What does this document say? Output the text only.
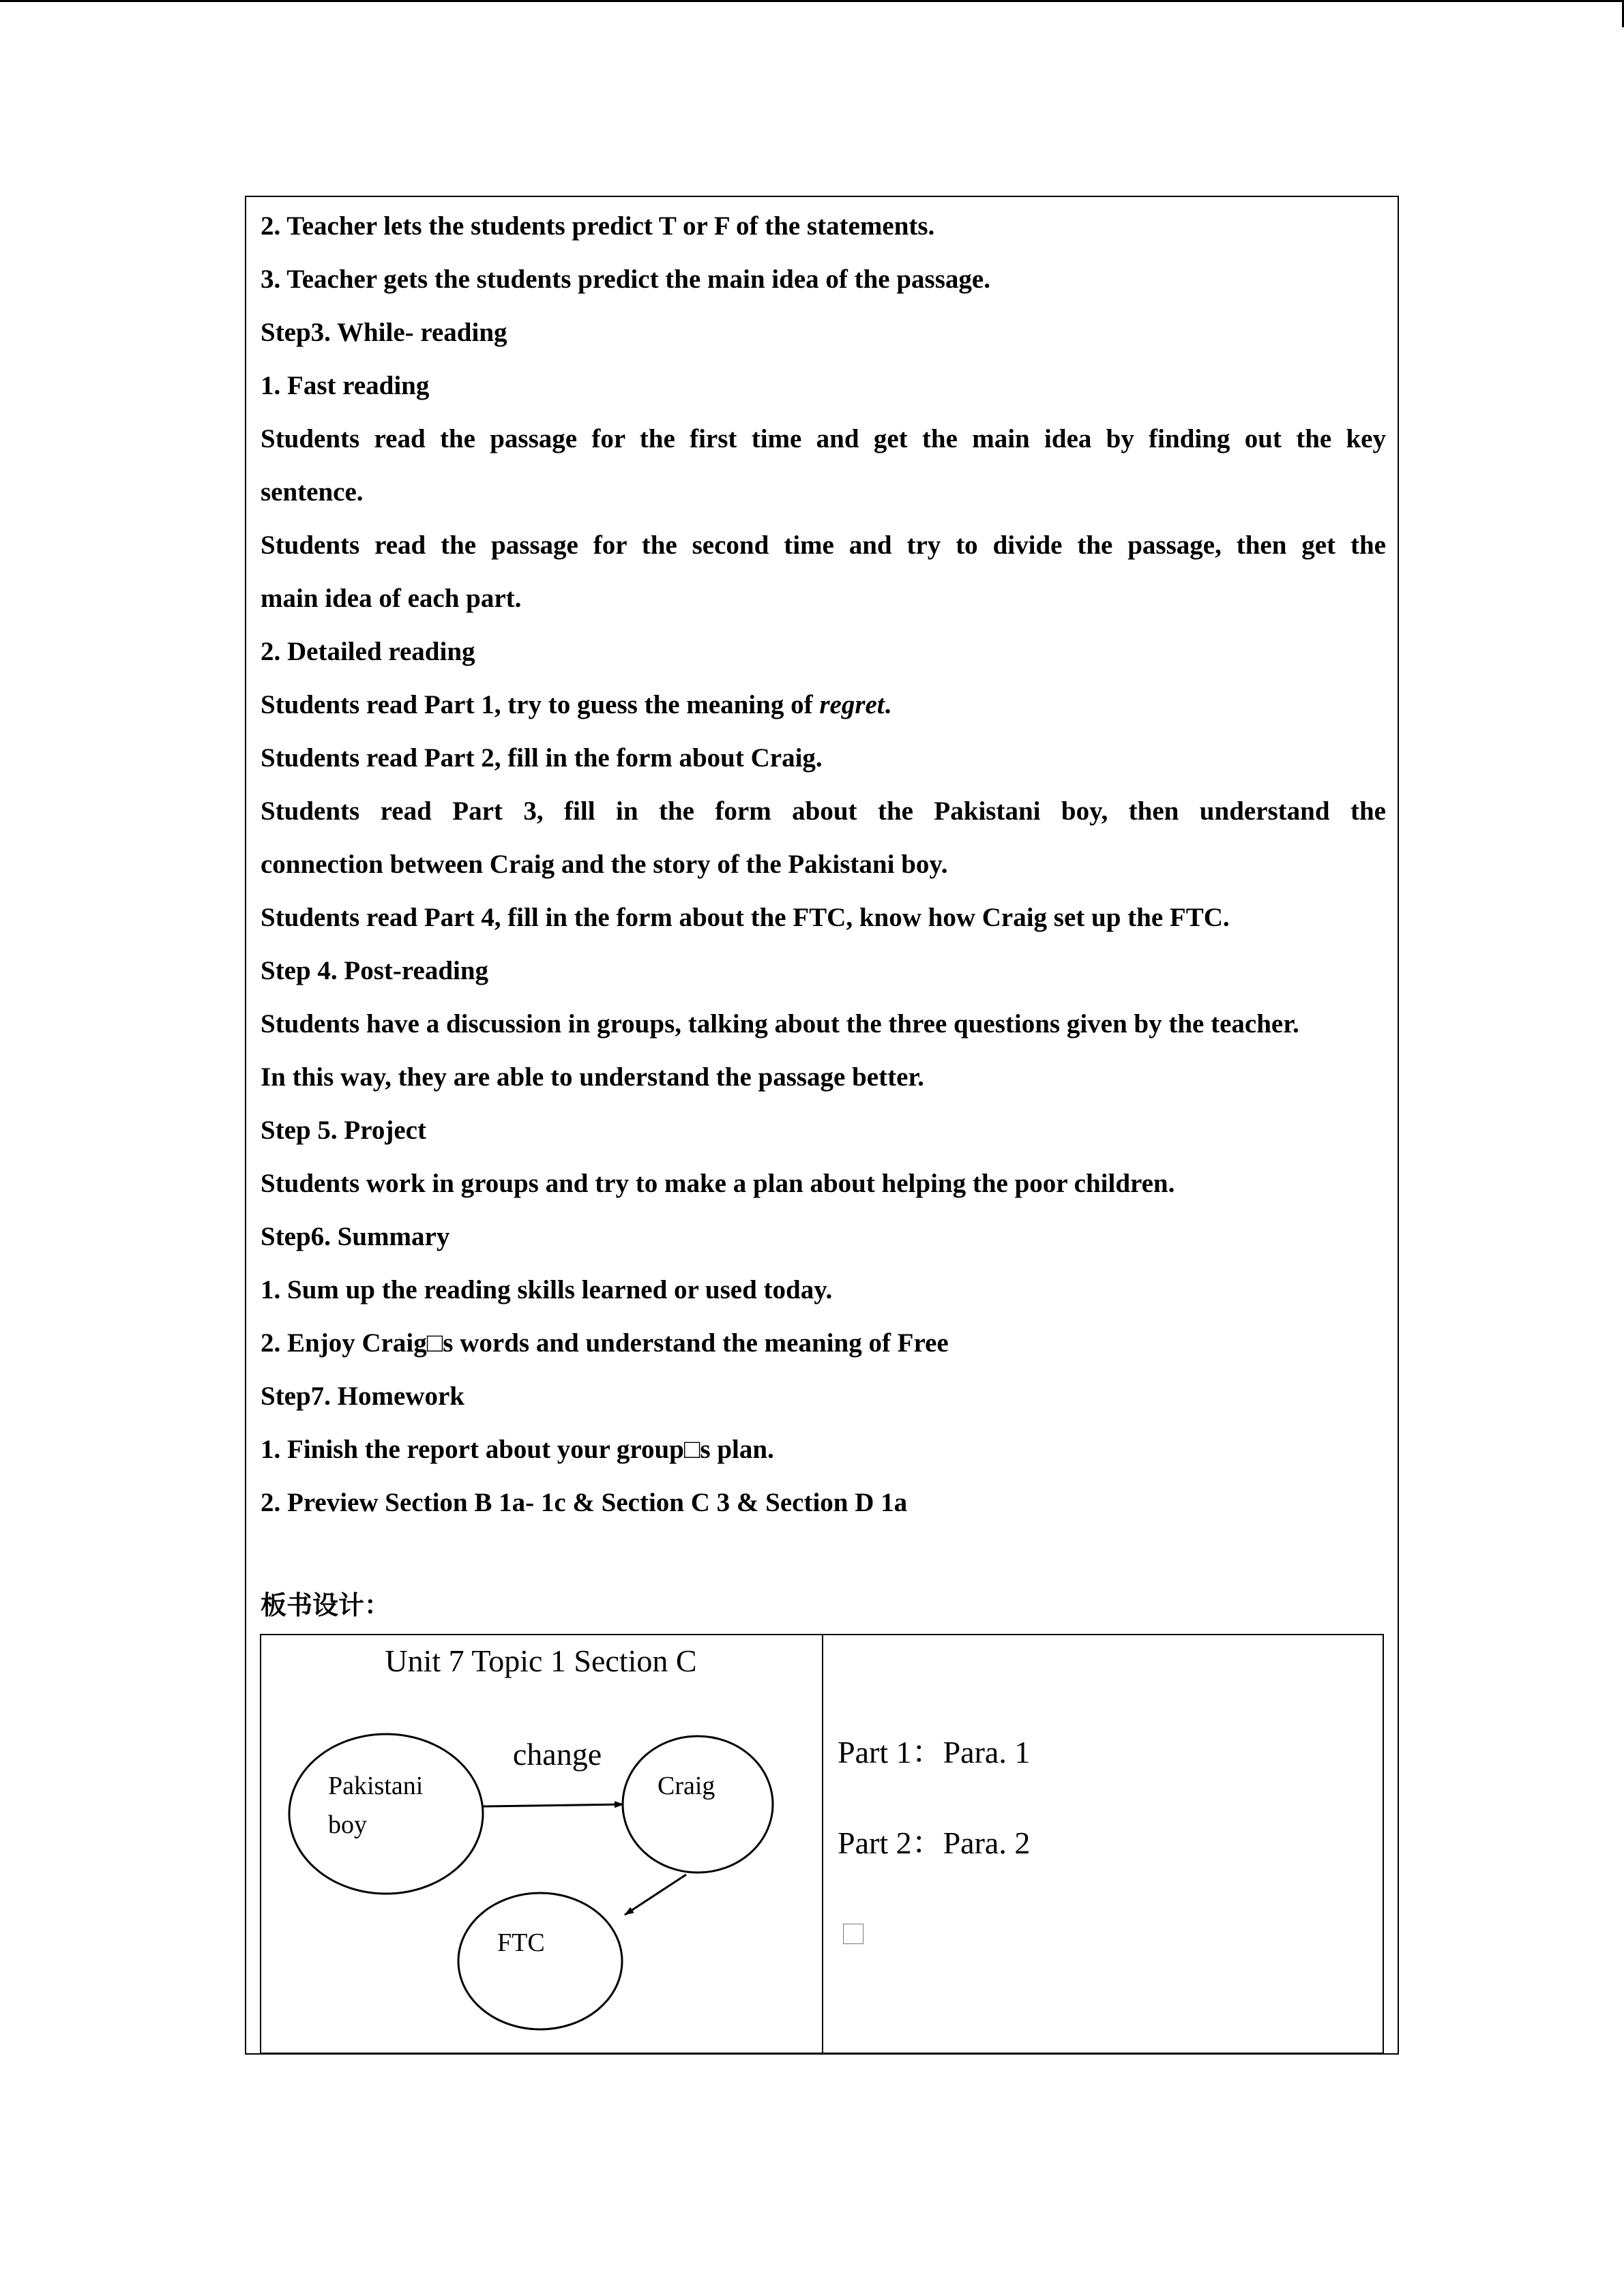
2. Teacher lets the students predict T or F of the statements.
3. Teacher gets the students predict the main idea of the passage.
Step3. While- reading
1. Fast reading
Students read the passage for the first time and get the main idea by finding out the key
sentence.
Students read the passage for the second time and try to divide the passage, then get the
main idea of each part.
2. Detailed reading
Students read Part 1, try to guess the meaning of regret.
Students read Part 2, fill in the form about Craig.
Students read Part 3, fill in the form about the Pakistani boy, then understand the
connection between Craig and the story of the Pakistani boy.
Students read Part 4, fill in the form about the FTC, know how Craig set up the FTC.
Step 4. Post-reading
Students have a discussion in groups, talking about the three questions given by the teacher.
In this way, they are able to understand the passage better.
Step 5. Project
Students work in groups and try to make a plan about helping the poor children.
Step6. Summary
1. Sum up the reading skills learned or used today.
2. Enjoy Craig□s words and understand the meaning of Free
Step7. Homework
1. Finish the report about your group□s plan.
2. Preview Section B 1a- 1c & Section C 3 & Section D 1a
板书设计：
Unit 7 Topic 1 Section C
Pakistani
boy
Craig
FTC
change	Part 1：Para. 1
Part 2：Para. 2
